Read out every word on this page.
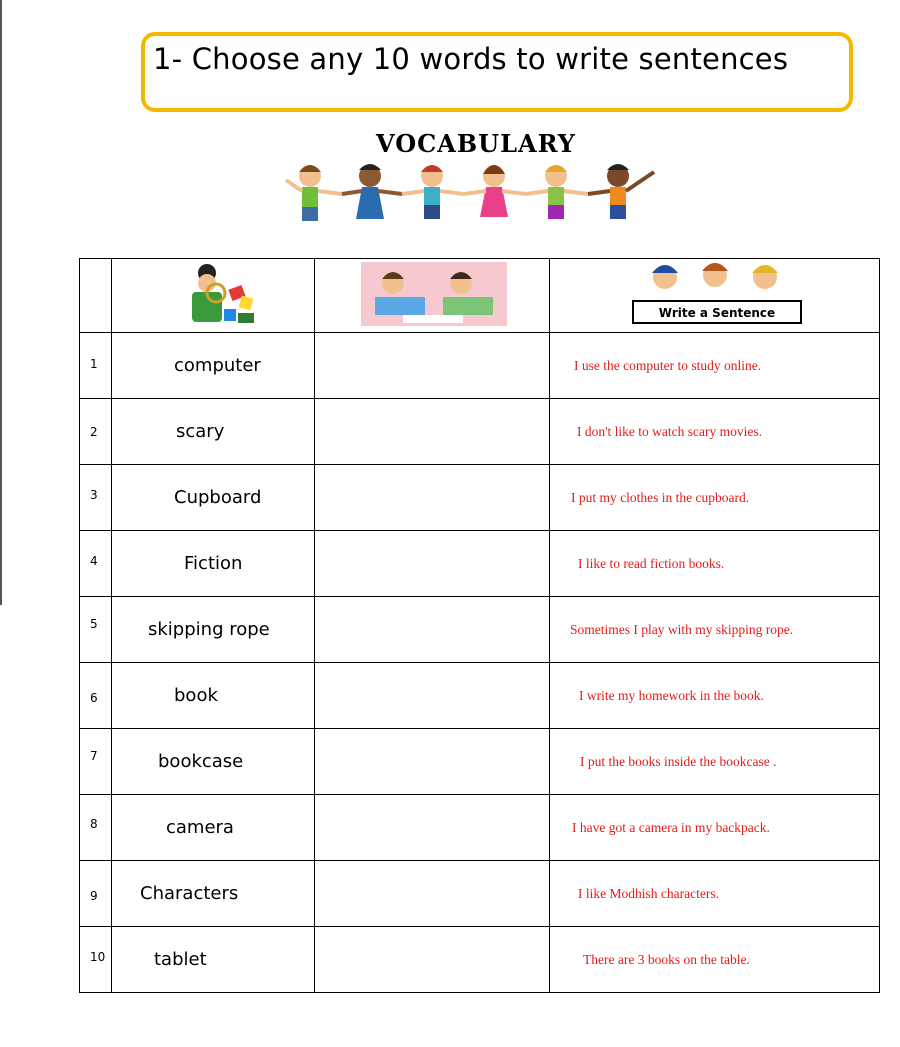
1- Choose any 10 words to write sentences
VOCABULARY

Write a Sentence

1	computer		I use the computer to study online.
2	scary		I don't like to watch scary movies.
3	Cupboard		I put my clothes in the cupboard.
4	Fiction		I like to read fiction books.
5	skipping rope		Sometimes I play with my skipping rope.
6	book		I write my homework in the book.
7	bookcase		I put the books inside the bookcase .
8	camera		I have got a camera in my backpack.
9	Characters		I like Modhish characters.
10	tablet		There are 3 books on the table.
